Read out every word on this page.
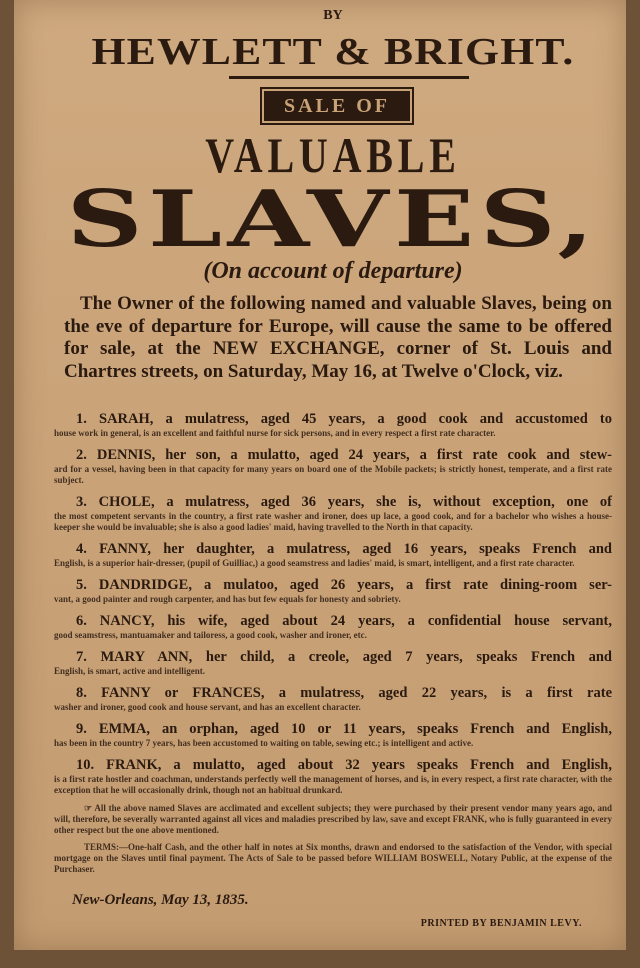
BY
HEWLETT & BRIGHT.
SALE OF
VALUABLE
SLAVES,
(On account of departure)
The Owner of the following named and valuable Slaves, being on the eve of departure for Europe, will cause the same to be offered for sale, at the NEW EXCHANGE, corner of St. Louis and Chartres streets, on Saturday, May 16, at Twelve o'Clock, viz.
1. SARAH, a mulatress, aged 45 years, a good cook and accustomed to
house work in general, is an excellent and faithful nurse for sick persons, and in every respect a first rate character.
2. DENNIS, her son, a mulatto, aged 24 years, a first rate cook and stew-
ard for a vessel, having been in that capacity for many years on board one of the Mobile packets; is strictly honest, temperate, and a first rate subject.
3. CHOLE, a mulatress, aged 36 years, she is, without exception, one of
the most competent servants in the country, a first rate washer and ironer, does up lace, a good cook, and for a bachelor who wishes a house-keeper she would be invaluable; she is also a good ladies' maid, having travelled to the North in that capacity.
4. FANNY, her daughter, a mulatress, aged 16 years, speaks French and
English, is a superior hair-dresser, (pupil of Guilliac,) a good seamstress and ladies' maid, is smart, intelligent, and a first rate character.
5. DANDRIDGE, a mulatoo, aged 26 years, a first rate dining-room ser-
vant, a good painter and rough carpenter, and has but few equals for honesty and sobriety.
6. NANCY, his wife, aged about 24 years, a confidential house servant,
good seamstress, mantuamaker and tailoress, a good cook, washer and ironer, etc.
7. MARY ANN, her child, a creole, aged 7 years, speaks French and
English, is smart, active and intelligent.
8. FANNY or FRANCES, a mulatress, aged 22 years, is a first rate
washer and ironer, good cook and house servant, and has an excellent character.
9. EMMA, an orphan, aged 10 or 11 years, speaks French and English,
has been in the country 7 years, has been accustomed to waiting on table, sewing etc.; is intelligent and active.
10. FRANK, a mulatto, aged about 32 years speaks French and English,
is a first rate hostler and coachman, understands perfectly well the management of horses, and is, in every respect, a first rate character, with the exception that he will occasionally drink, though not an habitual drunkard.
☞ All the above named Slaves are acclimated and excellent subjects; they were purchased by their present vendor many years ago, and will, therefore, be severally warranted against all vices and maladies prescribed by law, save and except FRANK, who is fully guaranteed in every other respect but the one above mentioned.
TERMS:—One-half Cash, and the other half in notes at Six months, drawn and endorsed to the satisfaction of the Vendor, with special mortgage on the Slaves until final payment. The Acts of Sale to be passed before WILLIAM BOSWELL, Notary Public, at the expense of the Purchaser.
New-Orleans, May 13, 1835.
PRINTED BY BENJAMIN LEVY.
